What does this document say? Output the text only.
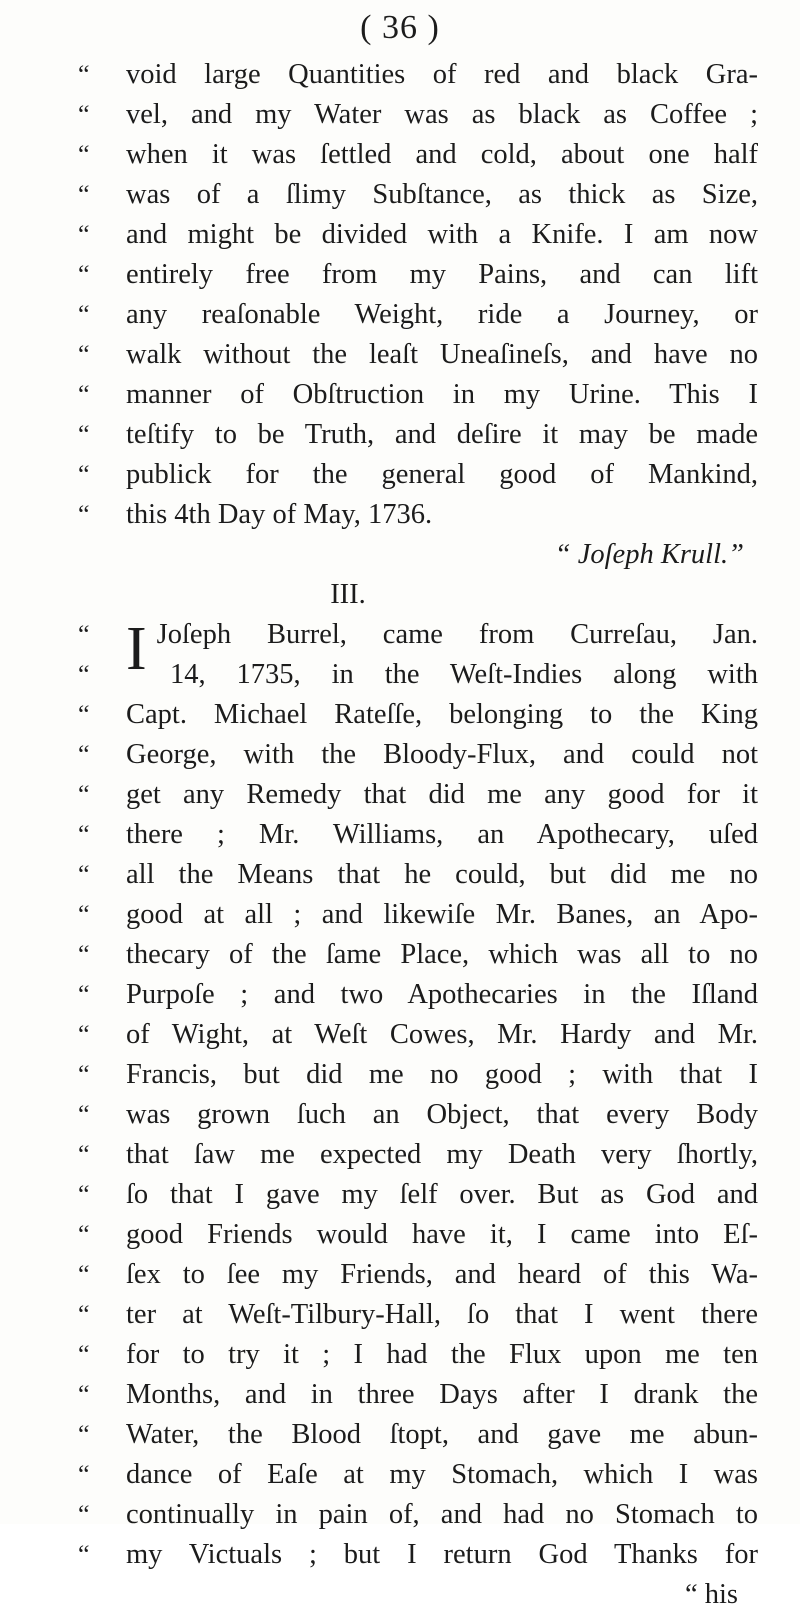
( 36 )
“	void large Quantities of red and black Gra-
“	vel, and my Water was as black as Coffee ;
“	when it was ſettled and cold, about one half
“	was of a ſlimy Subſtance, as thick as Size,
“	and might be divided with a Knife. I am now
“	entirely free from my Pains, and can lift
“	any reaſonable Weight, ride a Journey, or
“	walk without the leaſt Uneaſineſs, and have no
“	manner of Obſtruction in my Urine. This I
“	teſtify to be Truth, and deſire it may be made
“	publick for the general good of Mankind,
“	this 4th Day of May, 1736.
“ Joſeph Krull.”
III.
“ I Joſeph Burrel, came from Curreſau, Jan.
“	14, 1735, in the Weſt-Indies along with
“	Capt. Michael Rateſſe, belonging to the King
“	George, with the Bloody-Flux, and could not
“	get any Remedy that did me any good for it
“	there ; Mr. Williams, an Apothecary, uſed
“	all the Means that he could, but did me no
“	good at all ; and likewiſe Mr. Banes, an Apo-
“	thecary of the ſame Place, which was all to no
“	Purpoſe ; and two Apothecaries in the Iſland
“	of Wight, at Weſt Cowes, Mr. Hardy and Mr.
“	Francis, but did me no good ; with that I
“	was grown ſuch an Object, that every Body
“	that ſaw me expected my Death very ſhortly,
“	ſo that I gave my ſelf over. But as God and
“	good Friends would have it, I came into Eſ-
“	ſex to ſee my Friends, and heard of this Wa-
“	ter at Weſt-Tilbury-Hall, ſo that I went there
“	for to try it ; I had the Flux upon me ten
“	Months, and in three Days after I drank the
“	Water, the Blood ſtopt, and gave me abun-
“	dance of Eaſe at my Stomach, which I was
“	continually in pain of, and had no Stomach to
“	my Victuals ; but I return God Thanks for
“ his
